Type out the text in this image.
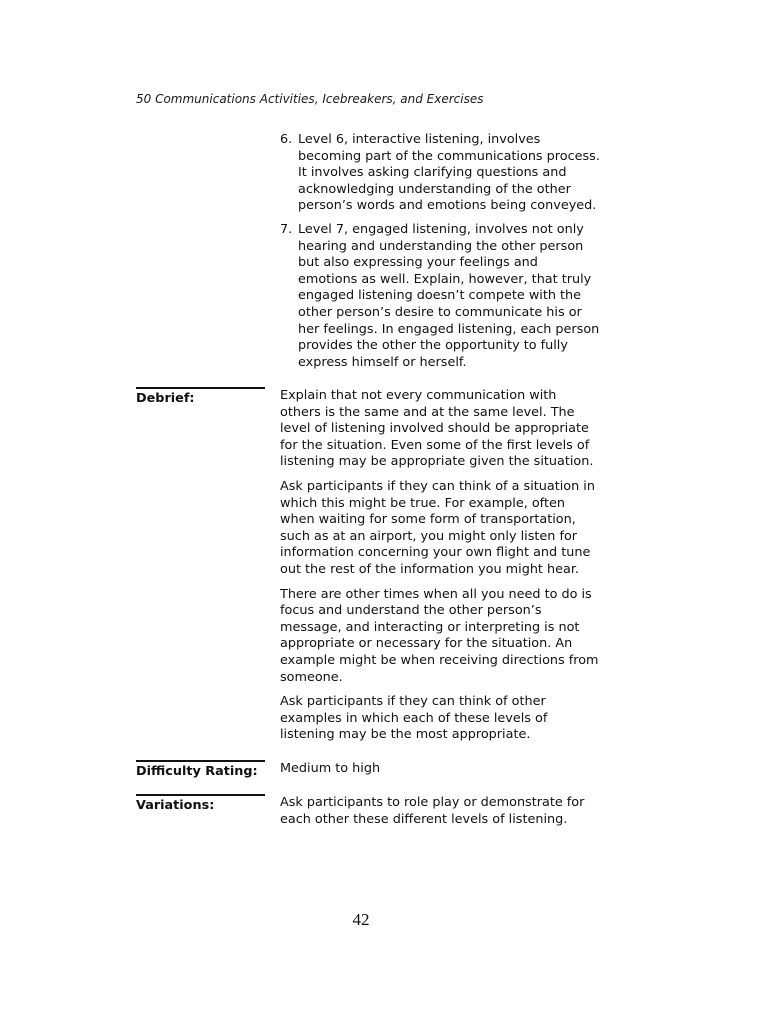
50 Communications Activities, Icebreakers, and Exercises
6. Level 6, interactive listening, involves becoming part of the communications process. It involves asking clarifying questions and acknowledging understanding of the other person’s words and emotions being conveyed.
7. Level 7, engaged listening, involves not only hearing and understanding the other person but also expressing your feelings and emotions as well. Explain, however, that truly engaged listening doesn’t compete with the other person’s desire to communicate his or her feelings. In engaged listening, each person provides the other the opportunity to fully express himself or herself.
Debrief:	Explain that not every communication with others is the same and at the same level. The level of listening involved should be appropriate for the situation. Even some of the first levels of listening may be appropriate given the situation.

Ask participants if they can think of a situation in which this might be true. For example, often when waiting for some form of transportation, such as at an airport, you might only listen for information concerning your own flight and tune out the rest of the information you might hear.

There are other times when all you need to do is focus and understand the other person’s message, and interacting or interpreting is not appropriate or necessary for the situation. An example might be when receiving directions from someone.

Ask participants if they can think of other examples in which each of these levels of listening may be the most appropriate.

Difficulty Rating:	Medium to high

Variations:	Ask participants to role play or demonstrate for each other these different levels of listening.

42
